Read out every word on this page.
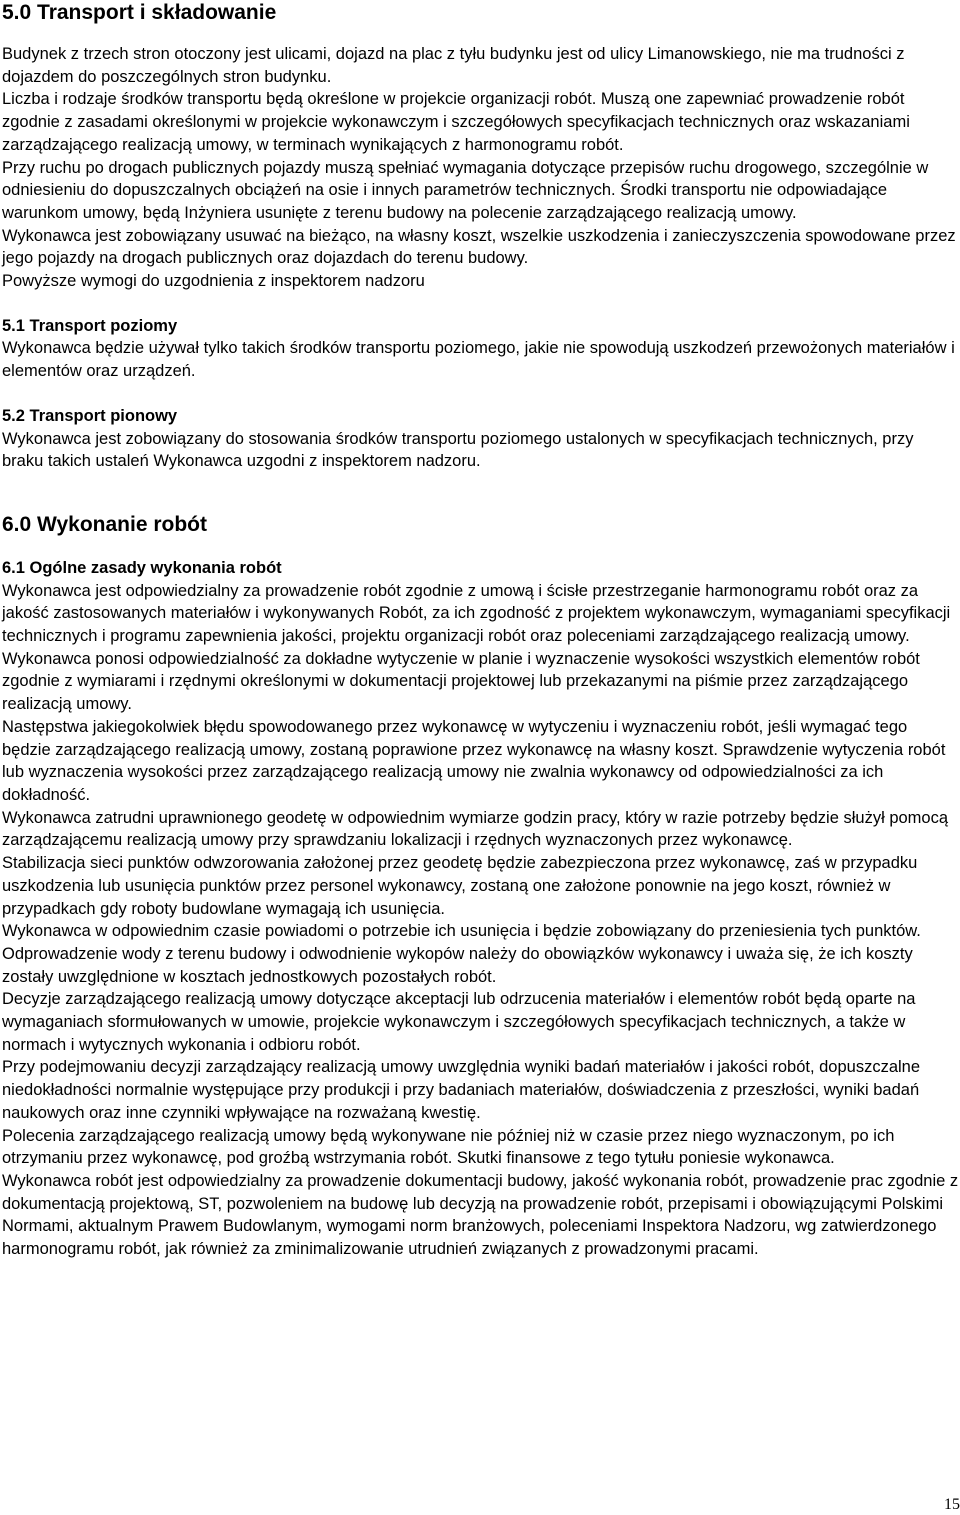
5.0 Transport i składowanie

Budynek z trzech stron otoczony jest ulicami, dojazd na plac z tyłu budynku jest od ulicy Limanowskiego, nie ma trudności z dojazdem do poszczególnych stron budynku.

Liczba i rodzaje środków transportu będą określone w projekcie organizacji robót. Muszą one zapewniać prowadzenie robót zgodnie z zasadami określonymi w projekcie wykonawczym i szczegółowych specyfikacjach technicznych oraz wskazaniami zarządzającego realizacją umowy, w terminach wynikających z harmonogramu robót.

Przy ruchu po drogach publicznych pojazdy muszą spełniać wymagania dotyczące przepisów ruchu drogowego, szczególnie w odniesieniu do dopuszczalnych obciążeń na osie i innych parametrów technicznych. Środki transportu nie odpowiadające warunkom umowy, będą Inżyniera usunięte z terenu budowy na polecenie zarządzającego realizacją umowy.

Wykonawca jest zobowiązany usuwać na bieżąco, na własny koszt, wszelkie uszkodzenia i zanieczyszczenia spowodowane przez jego pojazdy na drogach publicznych oraz dojazdach do terenu budowy.

Powyższe wymogi do uzgodnienia z inspektorem nadzoru

5.1 Transport poziomy

Wykonawca będzie używał tylko takich środków transportu poziomego, jakie nie spowodują uszkodzeń przewożonych materiałów i elementów oraz urządzeń.

5.2 Transport pionowy

Wykonawca jest zobowiązany do stosowania środków transportu poziomego ustalonych w specyfikacjach technicznych, przy braku takich ustaleń Wykonawca uzgodni z inspektorem nadzoru.

6.0 Wykonanie robót
6.1 Ogólne zasady wykonania robót

Wykonawca jest odpowiedzialny za prowadzenie robót zgodnie z umową i ścisłe przestrzeganie harmonogramu robót oraz za jakość zastosowanych materiałów i wykonywanych Robót, za ich zgodność z projektem wykonawczym, wymaganiami specyfikacji technicznych i programu zapewnienia jakości, projektu organizacji robót oraz poleceniami zarządzającego realizacją umowy.

Wykonawca ponosi odpowiedzialność za dokładne wytyczenie w planie i wyznaczenie wysokości wszystkich elementów robót zgodnie z wymiarami i rzędnymi określonymi w dokumentacji projektowej lub przekazanymi na piśmie przez zarządzającego realizacją umowy.

Następstwa jakiegokolwiek błędu spowodowanego przez wykonawcę w wytyczeniu i wyznaczeniu robót, jeśli wymagać tego będzie zarządzającego realizacją umowy, zostaną poprawione przez wykonawcę na własny koszt. Sprawdzenie wytyczenia robót lub wyznaczenia wysokości przez zarządzającego realizacją umowy nie zwalnia wykonawcy od odpowiedzialności za ich dokładność.

Wykonawca zatrudni uprawnionego geodetę w odpowiednim wymiarze godzin pracy, który w razie potrzeby będzie służył pomocą zarządzającemu realizacją umowy przy sprawdzaniu lokalizacji i rzędnych wyznaczonych przez wykonawcę.

Stabilizacja sieci punktów odwzorowania założonej przez geodetę będzie zabezpieczona przez wykonawcę, zaś w przypadku uszkodzenia lub usunięcia punktów przez personel wykonawcy, zostaną one założone ponownie na jego koszt, również w przypadkach gdy roboty budowlane wymagają ich usunięcia.

Wykonawca w odpowiednim czasie powiadomi o potrzebie ich usunięcia i będzie zobowiązany do przeniesienia tych punktów.

Odprowadzenie wody z terenu budowy i odwodnienie wykopów należy do obowiązków wykonawcy i uważa się, że ich koszty zostały uwzględnione w kosztach jednostkowych pozostałych robót.

Decyzje zarządzającego realizacją umowy dotyczące akceptacji lub odrzucenia materiałów i elementów robót będą oparte na wymaganiach sformułowanych w umowie, projekcie wykonawczym i szczegółowych specyfikacjach technicznych, a także w normach i wytycznych wykonania i odbioru robót.

Przy podejmowaniu decyzji zarządzający realizacją umowy uwzględnia wyniki badań materiałów i jakości robót, dopuszczalne niedokładności normalnie występujące przy produkcji i przy badaniach materiałów, doświadczenia z przeszłości, wyniki badań naukowych oraz inne czynniki wpływające na rozważaną kwestię.

Polecenia zarządzającego realizacją umowy będą wykonywane nie później niż w czasie przez niego wyznaczonym, po ich otrzymaniu przez wykonawcę, pod groźbą wstrzymania robót. Skutki finansowe z tego tytułu poniesie wykonawca.

Wykonawca robót jest odpowiedzialny za prowadzenie dokumentacji budowy, jakość wykonania robót, prowadzenie prac zgodnie z dokumentacją projektową, ST, pozwoleniem na budowę lub decyzją na prowadzenie robót, przepisami i obowiązującymi Polskimi Normami, aktualnym Prawem Budowlanym, wymogami norm branżowych, poleceniami Inspektora Nadzoru, wg zatwierdzonego harmonogramu robót, jak również za zminimalizowanie utrudnień związanych z prowadzonymi pracami.

15
